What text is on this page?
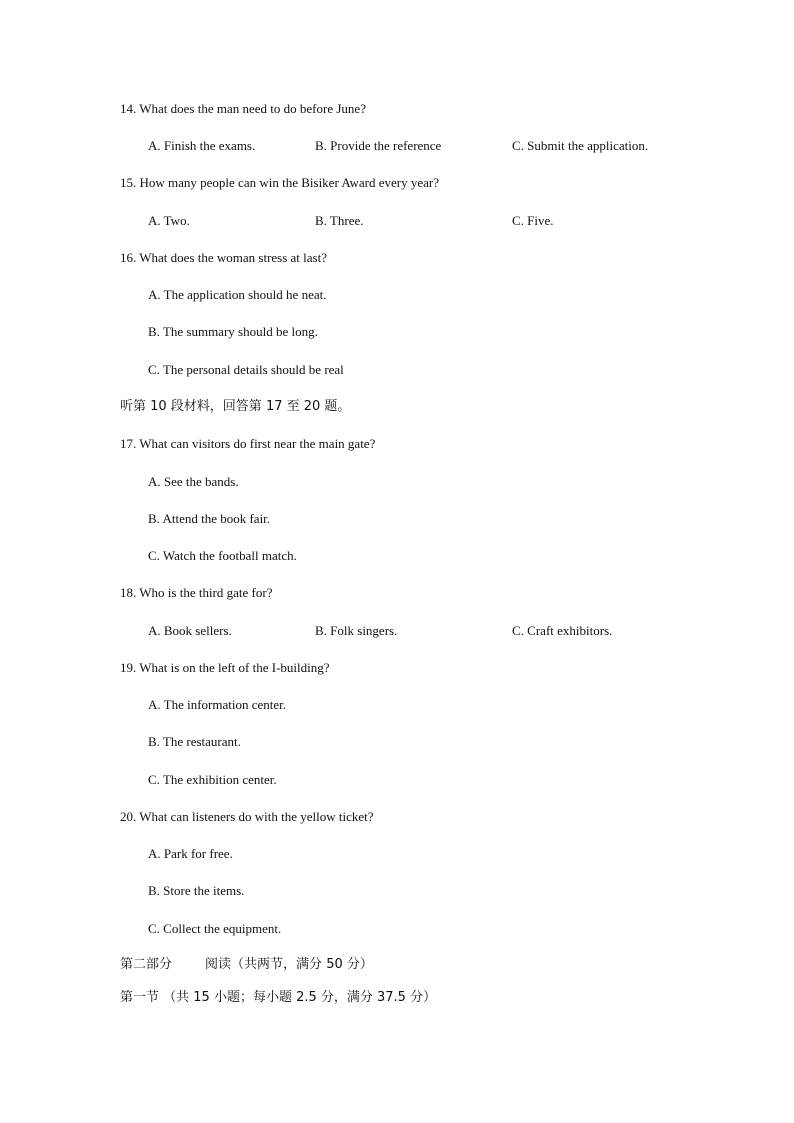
14. What does the man need to do before June?
A. Finish the exams.	B. Provide the reference	C. Submit the application.
15. How many people can win the Bisiker Award every year?
A. Two.	B. Three.	C. Five.
16. What does the woman stress at last?
A. The application should he neat.
B. The summary should be long.
C. The personal details should be real
听第 10 段材料，回答第 17 至 20 题。
17. What can visitors do first near the main gate?
A. See the bands.
B. Attend the book fair.
C. Watch the football match.
18. Who is the third gate for?
A. Book sellers.	B. Folk singers.	C. Craft exhibitors.
19. What is on the left of the I-building?
A. The information center.
B. The restaurant.
C. The exhibition center.
20. What can listeners do with the yellow ticket?
A. Park for free.
B. Store the items.
C. Collect the equipment.
第二部分        阅读（共两节，满分 50 分）
第一节 （共 15 小题；每小题 2.5 分，满分 37.5 分）
